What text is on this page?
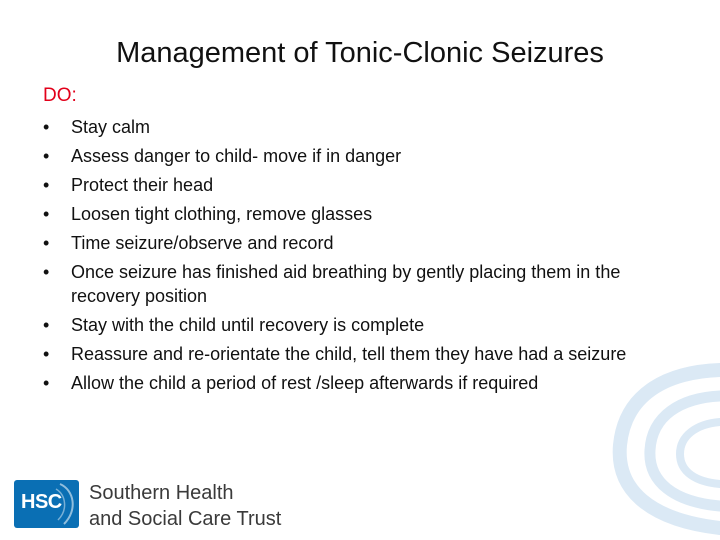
Management of Tonic-Clonic Seizures
DO:
• Stay calm
• Assess danger to child- move if in danger
• Protect their head
• Loosen tight clothing, remove glasses
• Time seizure/observe and record
• Once seizure has finished aid breathing by gently placing them in the recovery position
• Stay with the child until recovery is complete
• Reassure and re-orientate the child, tell them they have had a seizure
• Allow the child a period of rest /sleep afterwards if required
HSC Southern Health
and Social Care Trust
